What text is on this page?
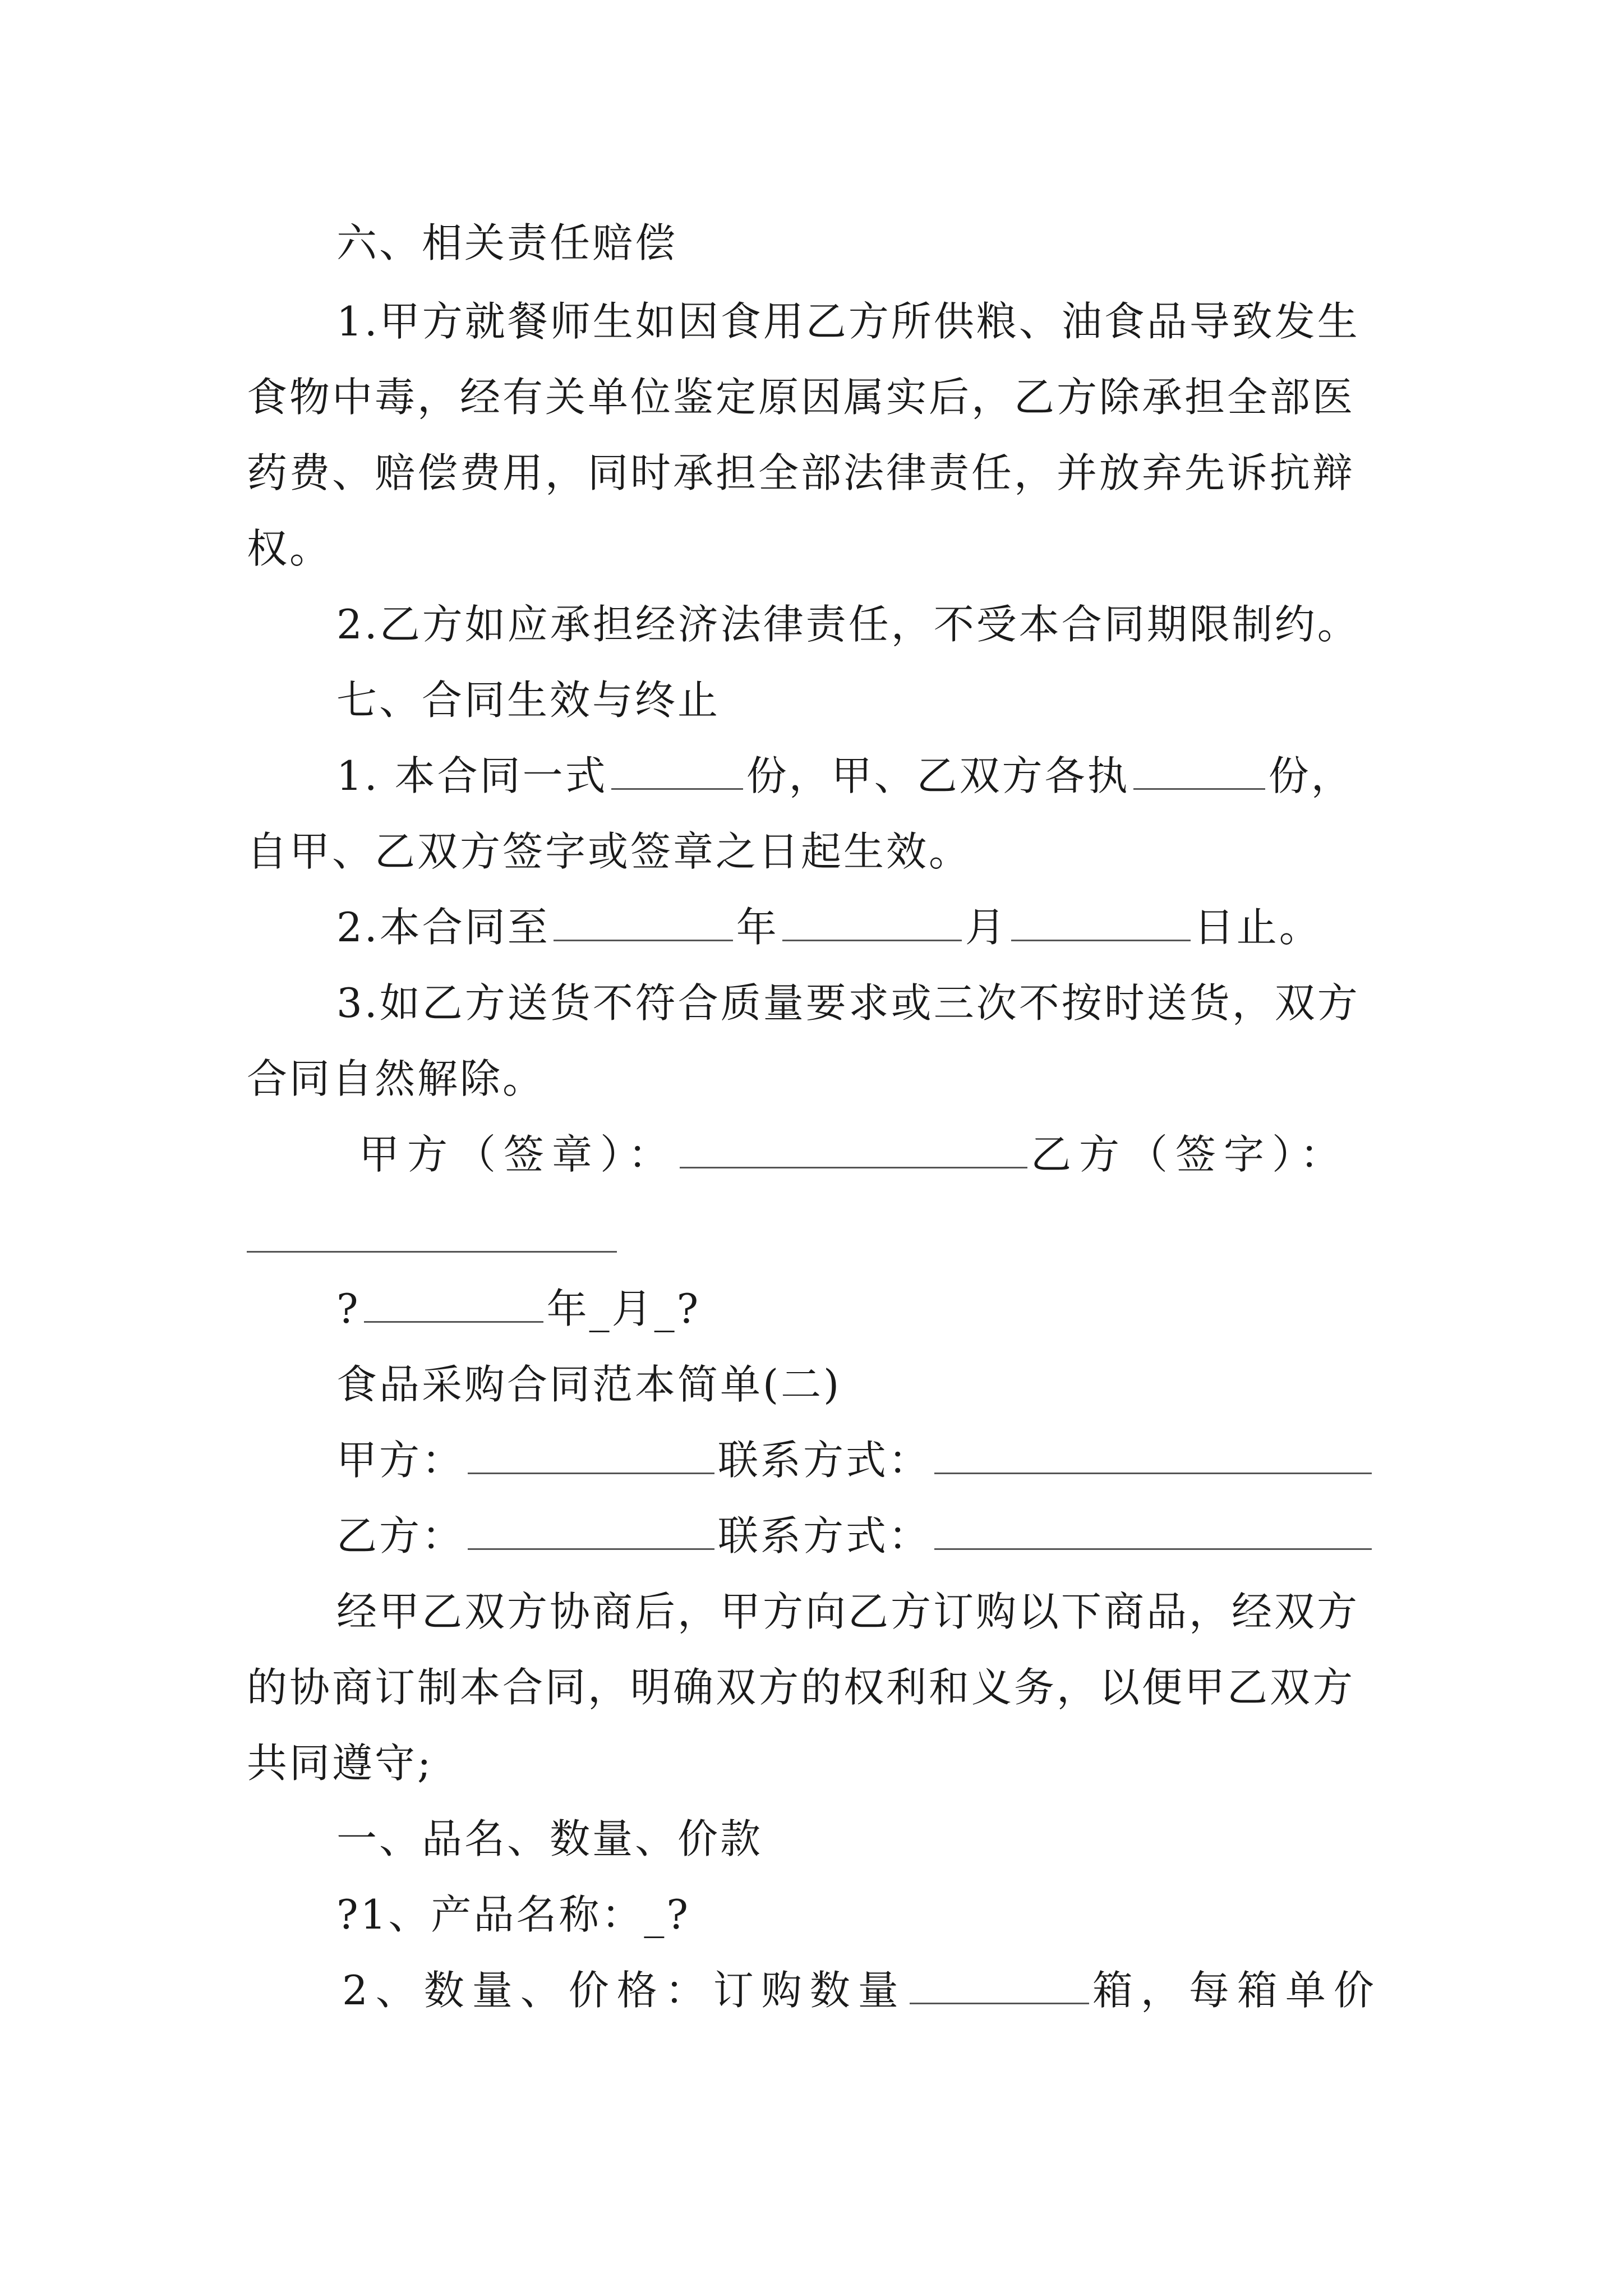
六、相关责任赔偿
1.甲方就餐师生如因食用乙方所供粮、油食品导致发生
食物中毒，经有关单位鉴定原因属实后，乙方除承担全部医
药费、赔偿费用，同时承担全部法律责任，并放弃先诉抗辩
权。
2.乙方如应承担经济法律责任，不受本合同期限制约。
七、合同生效与终止
1. 本合同一式	份，甲、乙双方各执	份，
自甲、乙双方签字或签章之日起生效。
2.本合同至	年	月	日止。
3.如乙方送货不符合质量要求或三次不按时送货，双方
合同自然解除。
甲方（签章）：	乙方（签字）：
?	年_月_?
食品采购合同范本简单(二)
甲方：	联系方式：
乙方：	联系方式：
经甲乙双方协商后，甲方向乙方订购以下商品，经双方
的协商订制本合同，明确双方的权利和义务，以便甲乙双方
共同遵守;
一、品名、数量、价款
?1、产品名称：_?
2、数量、价格：订购数量	箱，每箱单价
